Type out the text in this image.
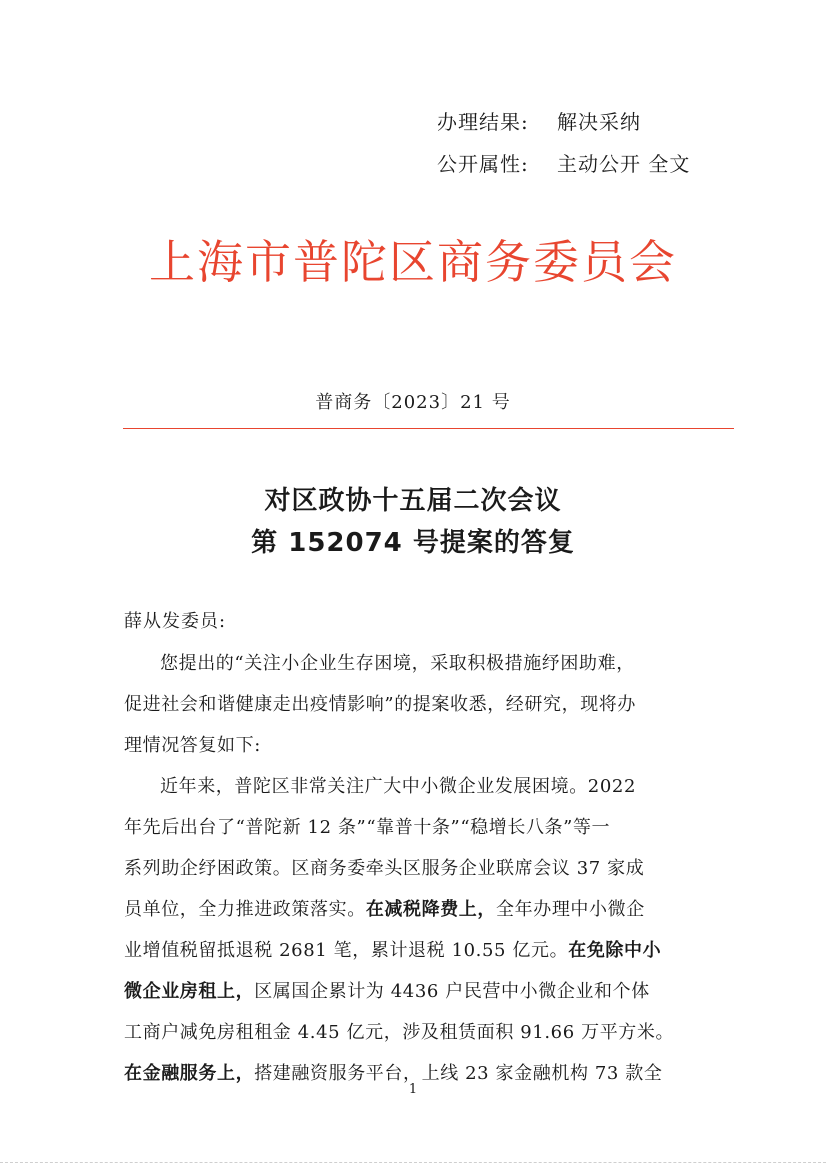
办理结果: 解决采纳
公开属性: 主动公开 全文
上海市普陀区商务委员会
普商务〔2023〕21 号
对区政协十五届二次会议
第 152074 号提案的答复
薛从发委员:
您提出的“关注小企业生存困境，采取积极措施纾困助难，
促进社会和谐健康走出疫情影响”的提案收悉，经研究，现将办
理情况答复如下:
近年来，普陀区非常关注广大中小微企业发展困境。2022
年先后出台了“普陀新 12 条”“靠普十条”“稳增长八条”等一
系列助企纾困政策。区商务委牵头区服务企业联席会议 37 家成
员单位，全力推进政策落实。在减税降费上，全年办理中小微企
业增值税留抵退税 2681 笔，累计退税 10.55 亿元。在免除中小
微企业房租上，区属国企累计为 4436 户民营中小微企业和个体
工商户减免房租租金 4.45 亿元，涉及租赁面积 91.66 万平方米。
在金融服务上，搭建融资服务平台，上线 23 家金融机构 73 款全
1
